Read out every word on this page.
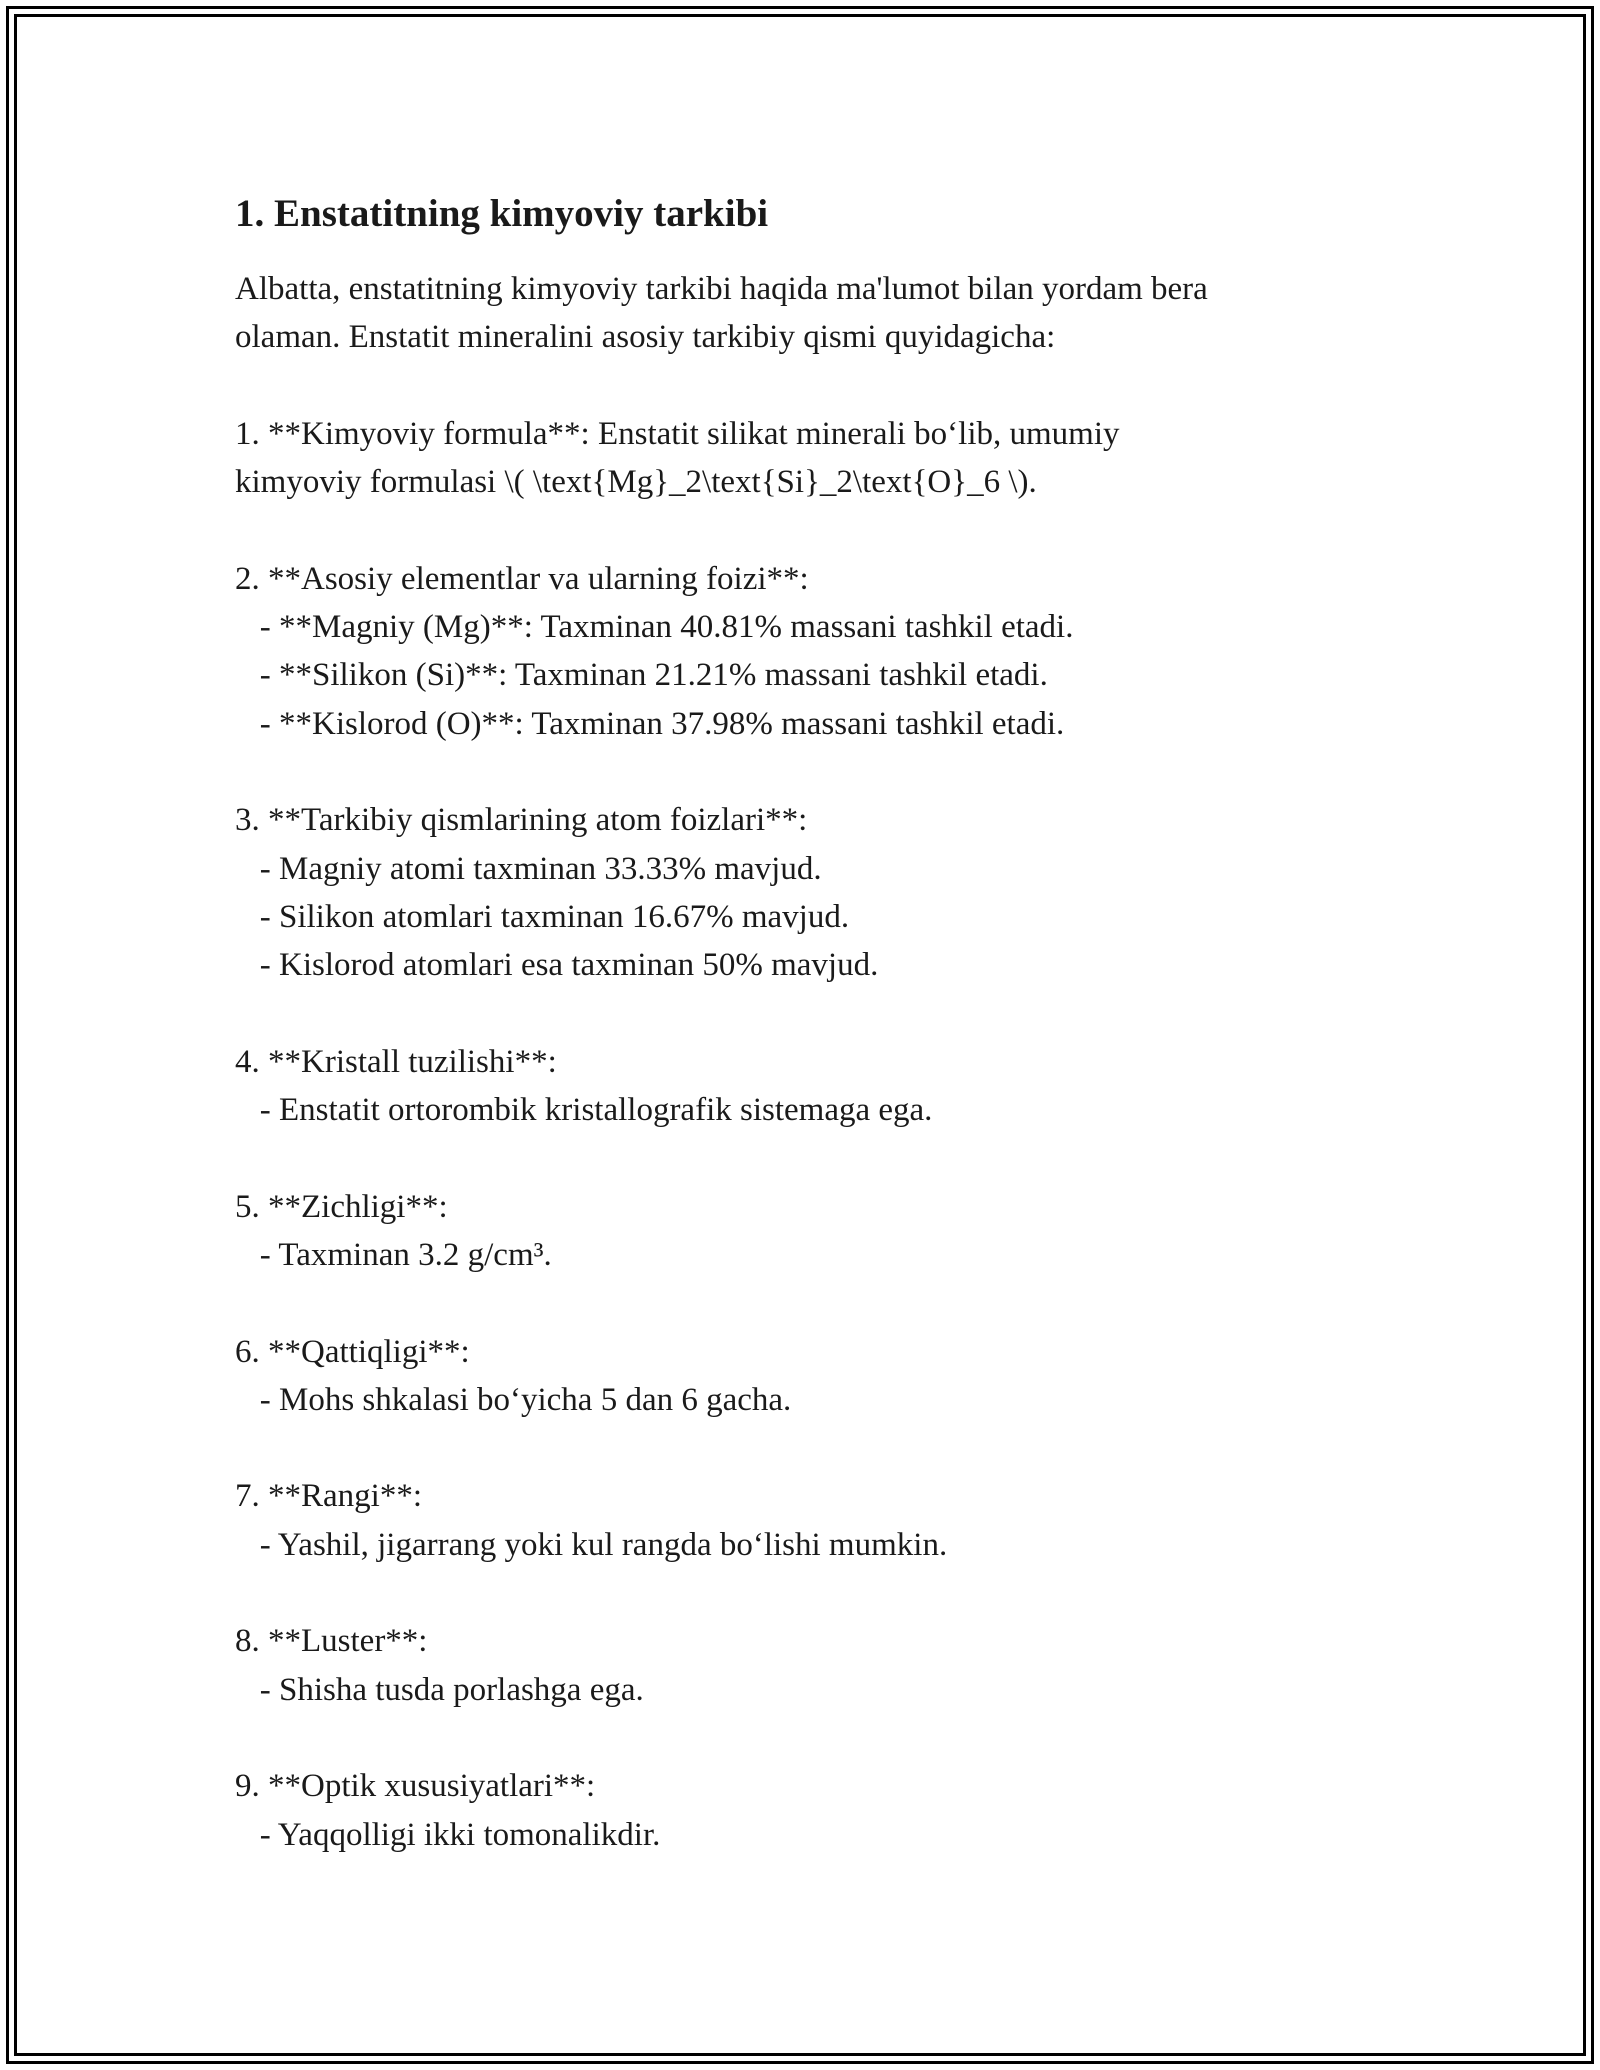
1. Enstatitning kimyoviy tarkibi
Albatta, enstatitning kimyoviy tarkibi haqida ma'lumot bilan yordam bera
olaman. Enstatit mineralini asosiy tarkibiy qismi quyidagicha:
1. **Kimyoviy formula**: Enstatit silikat minerali bo‘lib, umumiy
kimyoviy formulasi \( \text{Mg}_2\text{Si}_2\text{O}_6 \).
2. **Asosiy elementlar va ularning foizi**:
- **Magniy (Mg)**: Taxminan 40.81% massani tashkil etadi.
- **Silikon (Si)**: Taxminan 21.21% massani tashkil etadi.
- **Kislorod (O)**: Taxminan 37.98% massani tashkil etadi.
3. **Tarkibiy qismlarining atom foizlari**:
- Magniy atomi taxminan 33.33% mavjud.
- Silikon atomlari taxminan 16.67% mavjud.
- Kislorod atomlari esa taxminan 50% mavjud.
4. **Kristall tuzilishi**:
- Enstatit ortorombik kristallografik sistemaga ega.
5. **Zichligi**:
- Taxminan 3.2 g/cm³.
6. **Qattiqligi**:
- Mohs shkalasi bo‘yicha 5 dan 6 gacha.
7. **Rangi**:
- Yashil, jigarrang yoki kul rangda bo‘lishi mumkin.
8. **Luster**:
- Shisha tusda porlashga ega.
9. **Optik xususiyatlari**:
- Yaqqolligi ikki tomonalikdir.
